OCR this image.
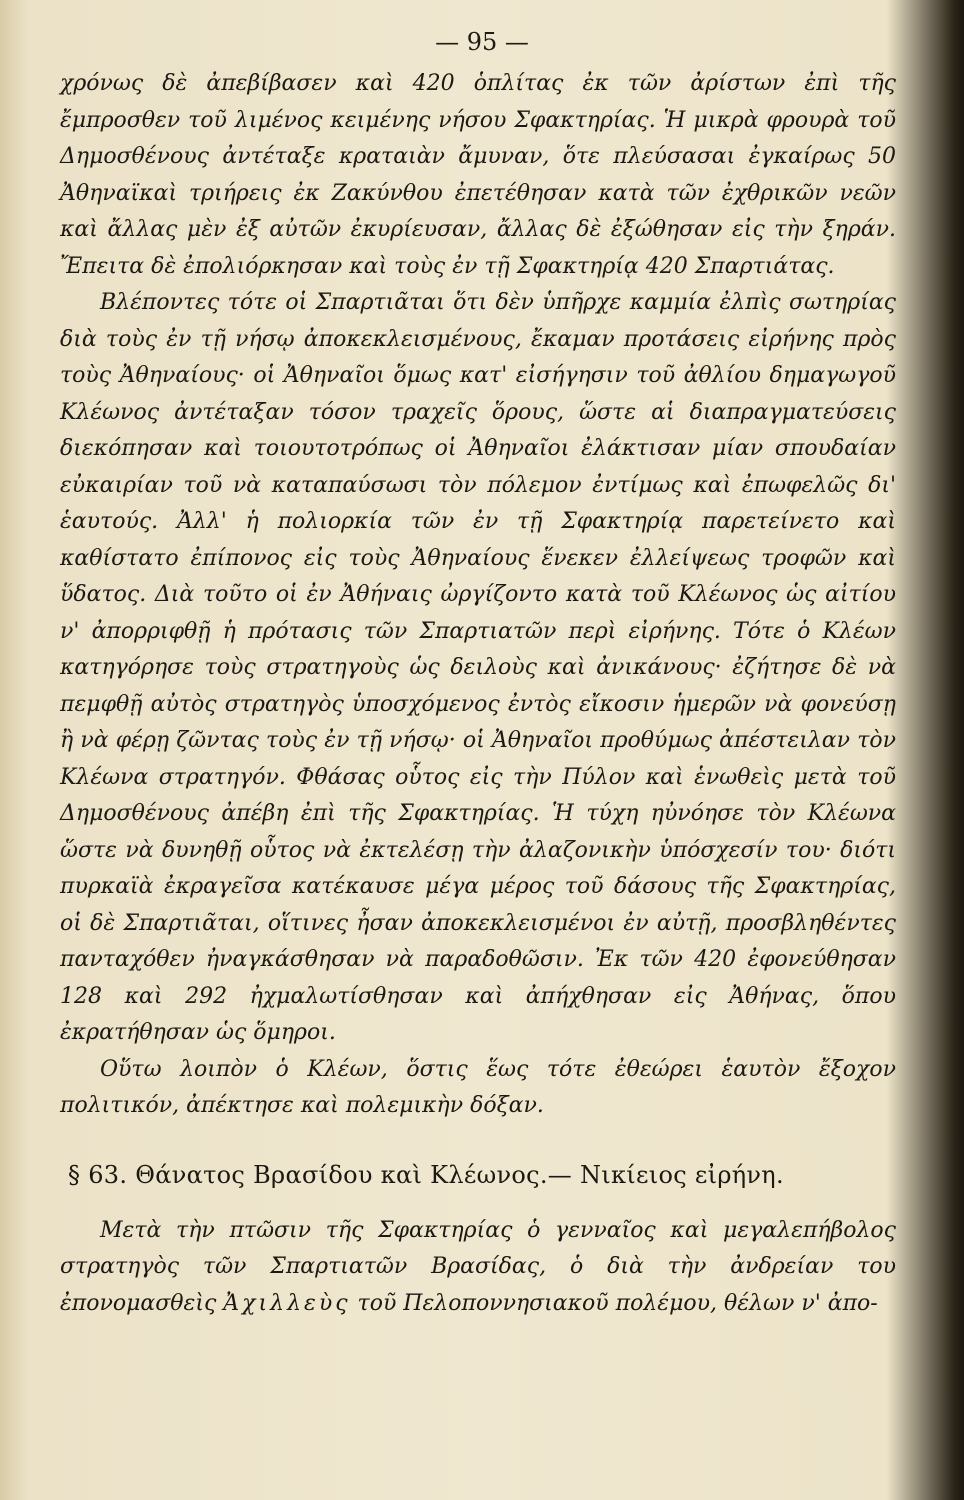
— 95 —

χρόνως δὲ ἀπεβίβασεν καὶ 420 ὁπλίτας ἐκ τῶν ἀρίστων ἐπὶ τῆς ἔμπροσθεν τοῦ λιμένος κειμένης νήσου Σφακτηρίας. Ἡ μικρὰ φρουρὰ τοῦ Δημοσθένους ἀντέταξε κραταιὰν ἄμυναν, ὅτε πλεύσασαι ἐγκαίρως 50 Ἀθηναϊκαὶ τριήρεις ἐκ Ζακύνθου ἐπετέθησαν κατὰ τῶν ἐχθρικῶν νεῶν καὶ ἄλλας μὲν ἐξ αὐτῶν ἐκυρίευσαν, ἄλλας δὲ ἐξώθησαν εἰς τὴν ξηράν. Ἔπειτα δὲ ἐπολιόρκησαν καὶ τοὺς ἐν τῇ Σφακτηρίᾳ 420 Σπαρτιάτας.

Βλέποντες τότε οἱ Σπαρτιᾶται ὅτι δὲν ὑπῆρχε καμμία ἐλπὶς σωτηρίας διὰ τοὺς ἐν τῇ νήσῳ ἀποκεκλεισμένους, ἔκαμαν προτάσεις εἰρήνης πρὸς τοὺς Ἀθηναίους· οἱ Ἀθηναῖοι ὅμως κατ' εἰσήγησιν τοῦ ἀθλίου δημαγωγοῦ Κλέωνος ἀντέταξαν τόσον τραχεῖς ὅρους, ὥστε αἱ διαπραγματεύσεις διεκόπησαν καὶ τοιουτοτρόπως οἱ Ἀθηναῖοι ἐλάκτισαν μίαν σπουδαίαν εὐκαιρίαν τοῦ νὰ καταπαύσωσι τὸν πόλεμον ἐντίμως καὶ ἐπωφελῶς δι' ἑαυτούς. Ἀλλ' ἡ πολιορκία τῶν ἐν τῇ Σφακτηρίᾳ παρετείνετο καὶ καθίστατο ἐπίπονος εἰς τοὺς Ἀθηναίους ἕνεκεν ἐλλείψεως τροφῶν καὶ ὕδατος. Διὰ τοῦτο οἱ ἐν Ἀθήναις ὠργίζοντο κατὰ τοῦ Κλέωνος ὡς αἰτίου ν' ἀπορριφθῇ ἡ πρότασις τῶν Σπαρτιατῶν περὶ εἰρήνης. Τότε ὁ Κλέων κατηγόρησε τοὺς στρατηγοὺς ὡς δειλοὺς καὶ ἀνικάνους· ἐζήτησε δὲ νὰ πεμφθῇ αὐτὸς στρατηγὸς ὑποσχόμενος ἐντὸς εἴκοσιν ἡμερῶν νὰ φονεύσῃ ἢ νὰ φέρῃ ζῶντας τοὺς ἐν τῇ νήσῳ· οἱ Ἀθηναῖοι προθύμως ἀπέστειλαν τὸν Κλέωνα στρατηγόν. Φθάσας οὗτος εἰς τὴν Πύλον καὶ ἑνωθεὶς μετὰ τοῦ Δημοσθένους ἀπέβη ἐπὶ τῆς Σφακτηρίας. Ἡ τύχη ηὐνόησε τὸν Κλέωνα ὥστε νὰ δυνηθῇ οὗτος νὰ ἐκτελέσῃ τὴν ἀλαζονικὴν ὑπόσχεσίν του· διότι πυρκαϊὰ ἐκραγεῖσα κατέκαυσε μέγα μέρος τοῦ δάσους τῆς Σφακτηρίας, οἱ δὲ Σπαρτιᾶται, οἵτινες ἦσαν ἀποκεκλεισμένοι ἐν αὐτῇ, προσβληθέντες πανταχόθεν ἠναγκάσθησαν νὰ παραδοθῶσιν. Ἐκ τῶν 420 ἐφονεύθησαν 128 καὶ 292 ἠχμαλωτίσθησαν καὶ ἀπήχθησαν εἰς Ἀθήνας, ὅπου ἐκρατήθησαν ὡς ὅμηροι.

Οὕτω λοιπὸν ὁ Κλέων, ὅστις ἕως τότε ἐθεώρει ἑαυτὸν ἔξοχον πολιτικόν, ἀπέκτησε καὶ πολεμικὴν δόξαν.

§ 63. Θάνατος Βρασίδου καὶ Κλέωνος.— Νικίειος εἰρήνη.

Μετὰ τὴν πτῶσιν τῆς Σφακτηρίας ὁ γενναῖος καὶ μεγαλεπήβολος στρατηγὸς τῶν Σπαρτιατῶν Βρασίδας, ὁ διὰ τὴν ἀνδρείαν του ἐπονομασθεὶς Ἀχιλλεὺς τοῦ Πελοποννησιακοῦ πολέμου, θέλων ν' ἀπο-
